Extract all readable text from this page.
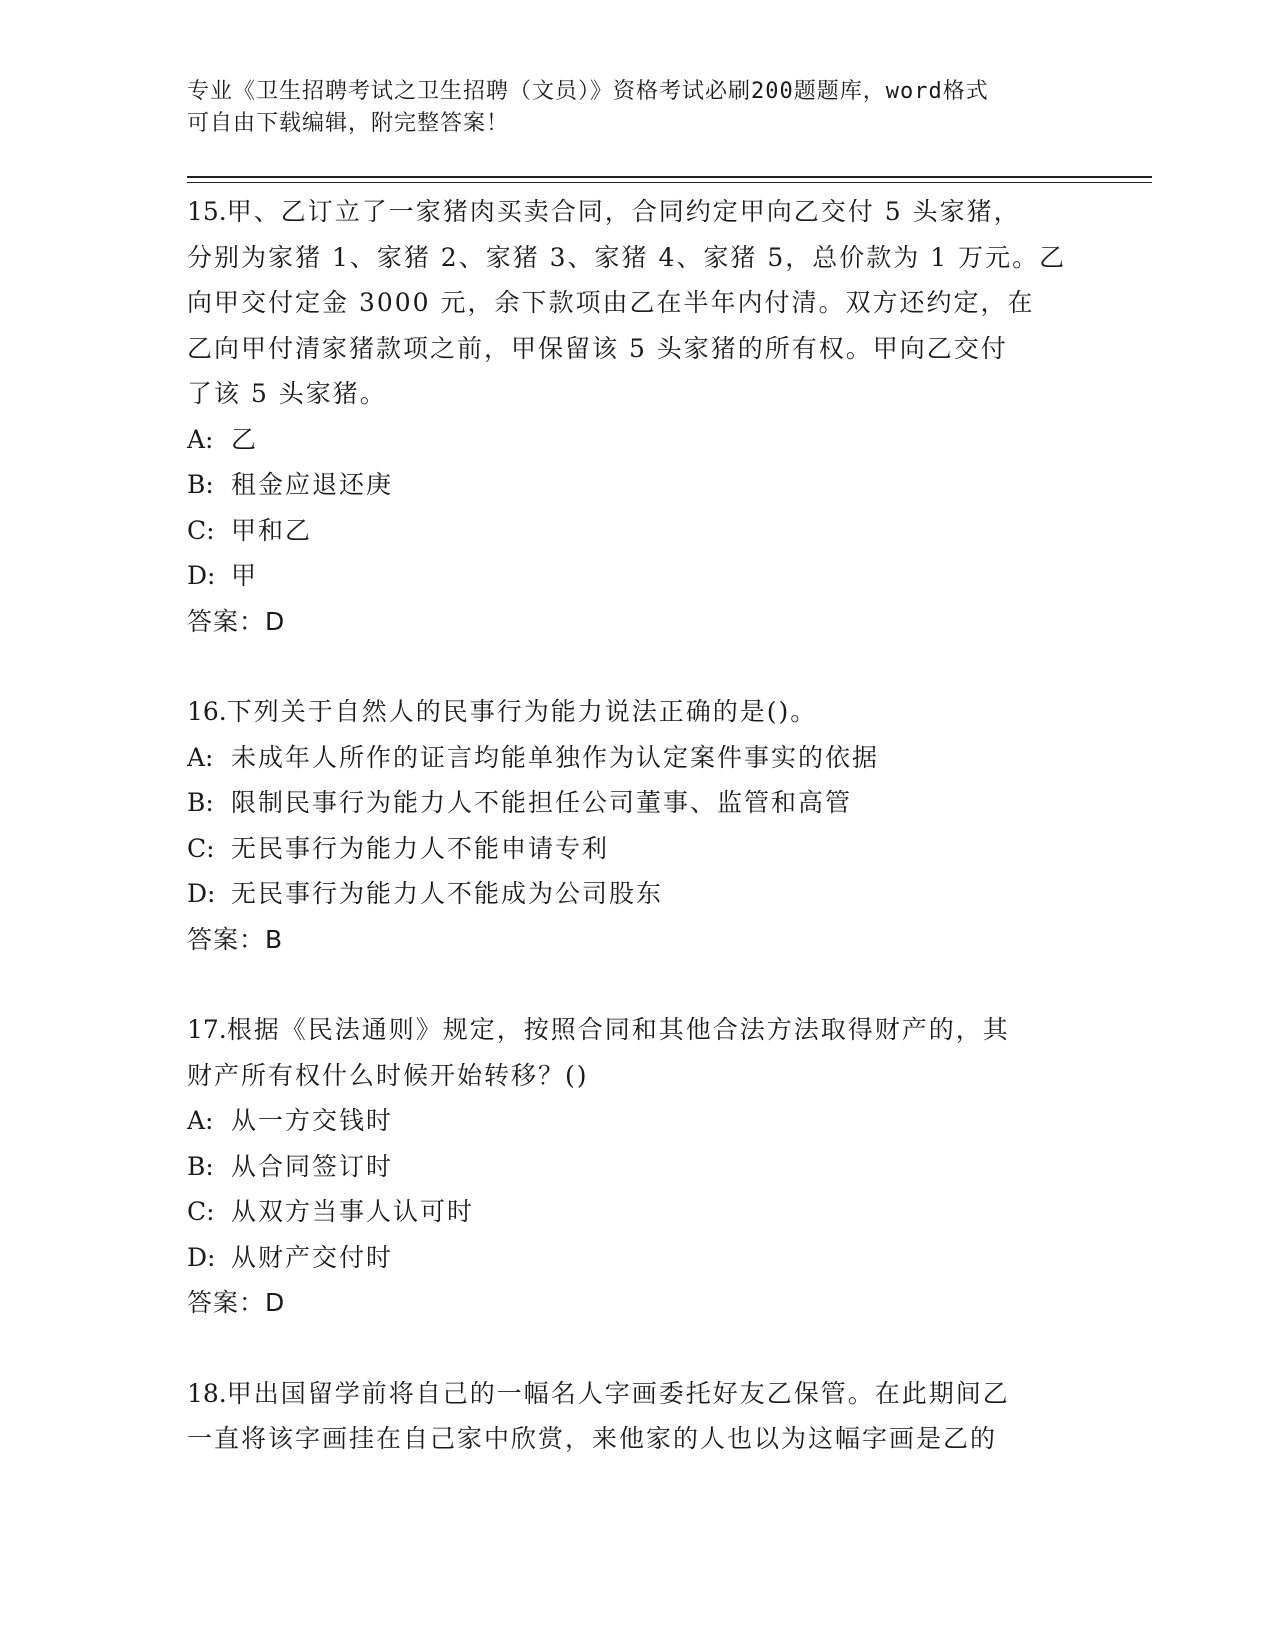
专业《卫生招聘考试之卫生招聘（文员）》资格考试必刷200题题库，word格式
可自由下载编辑，附完整答案！
15.甲、乙订立了一家猪肉买卖合同，合同约定甲向乙交付 5 头家猪，
分别为家猪 1、家猪 2、家猪 3、家猪 4、家猪 5，总价款为 1 万元。乙
向甲交付定金 3000 元，余下款项由乙在半年内付清。双方还约定，在
乙向甲付清家猪款项之前，甲保留该 5 头家猪的所有权。甲向乙交付
了该 5 头家猪。
A: 乙
B: 租金应退还庚
C: 甲和乙
D: 甲
答案：D
16.下列关于自然人的民事行为能力说法正确的是()。
A: 未成年人所作的证言均能单独作为认定案件事实的依据
B: 限制民事行为能力人不能担任公司董事、监管和高管
C: 无民事行为能力人不能申请专利
D: 无民事行为能力人不能成为公司股东
答案：B
17.根据《民法通则》规定，按照合同和其他合法方法取得财产的，其
财产所有权什么时候开始转移？()
A: 从一方交钱时
B: 从合同签订时
C: 从双方当事人认可时
D: 从财产交付时
答案：D
18.甲出国留学前将自己的一幅名人字画委托好友乙保管。在此期间乙
一直将该字画挂在自己家中欣赏，来他家的人也以为这幅字画是乙的
